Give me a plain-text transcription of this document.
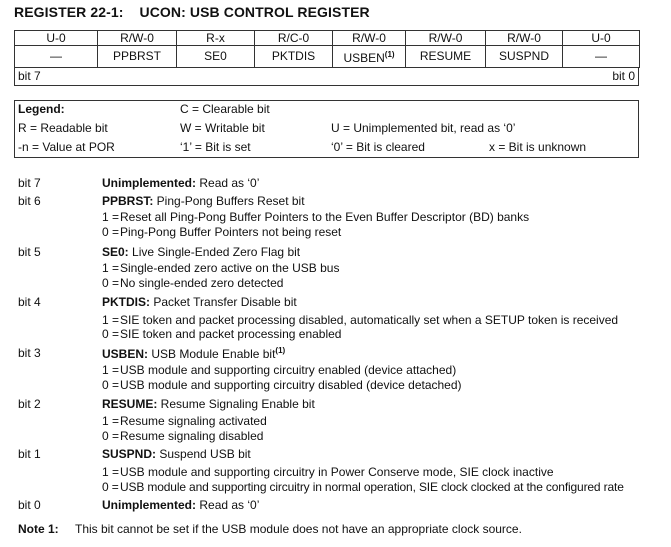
REGISTER 22-1: UCON: USB CONTROL REGISTER
U-0	R/W-0	R-x	R/C-0	R/W-0	R/W-0	R/W-0	U-0
—	PPBRST	SE0	PKTDIS	USBEN$^{(1)}$	RESUME	SUSPND	—
bit 7	bit 0
Legend:	C = Clearable bit
R = Readable bit	W = Writable bit	U = Unimplemented bit, read as ‘0’
-n = Value at POR	‘1’ = Bit is set	‘0’ = Bit is cleared	x = Bit is unknown
bit 7	Unimplemented: Read as ‘0’
bit 6	PPBRST: Ping-Pong Buffers Reset bit
1 =Reset all Ping-Pong Buffer Pointers to the Even Buffer Descriptor (BD) banks
0 =Ping-Pong Buffer Pointers not being reset
bit 5	SE0: Live Single-Ended Zero Flag bit
1 =Single-ended zero active on the USB bus
0 =No single-ended zero detected
bit 4	PKTDIS: Packet Transfer Disable bit
1 =SIE token and packet processing disabled, automatically set when a SETUP token is received
0 =SIE token and packet processing enabled
bit 3	USBEN: USB Module Enable bit$^{(1)}$
1 =USB module and supporting circuitry enabled (device attached)
0 =USB module and supporting circuitry disabled (device detached)
bit 2	RESUME: Resume Signaling Enable bit
1 =Resume signaling activated
0 =Resume signaling disabled
bit 1	SUSPND: Suspend USB bit
1 =USB module and supporting circuitry in Power Conserve mode, SIE clock inactive
0 =USB module and supporting circuitry in normal operation, SIE clock clocked at the configured rate
bit 0	Unimplemented: Read as ‘0’
Note 1: This bit cannot be set if the USB module does not have an appropriate clock source.
